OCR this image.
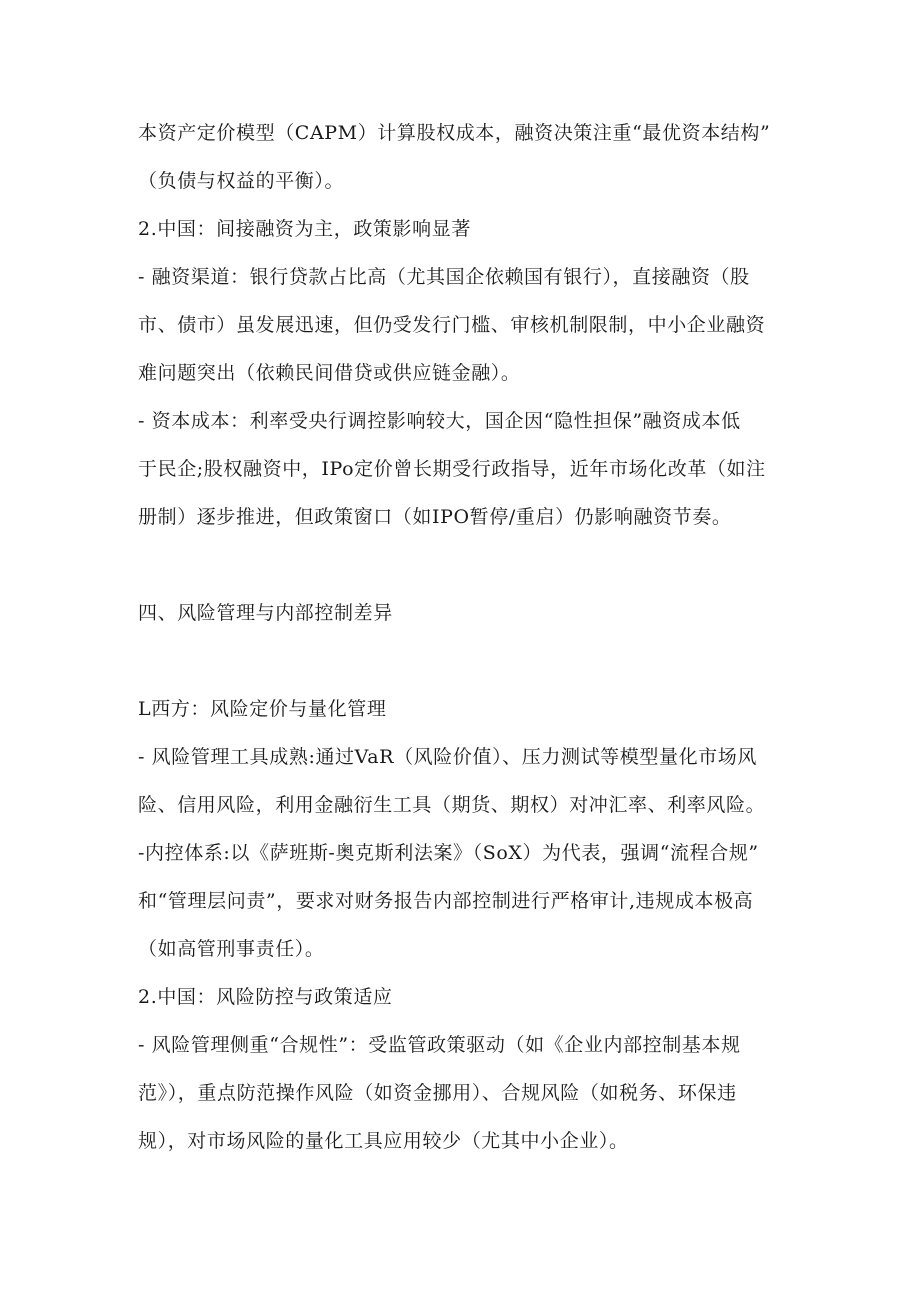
本资产定价模型（CAPM）计算股权成本，融资决策注重“最优资本结构”
（负债与权益的平衡）。
2.中国：间接融资为主，政策影响显著
- 融资渠道：银行贷款占比高（尤其国企依赖国有银行），直接融资（股
市、债市）虽发展迅速，但仍受发行门槛、审核机制限制，中小企业融资
难问题突出（依赖民间借贷或供应链金融）。
- 资本成本：利率受央行调控影响较大，国企因“隐性担保”融资成本低
于民企;股权融资中，IPo定价曾长期受行政指导，近年市场化改革（如注
册制）逐步推进，但政策窗口（如IPO暂停/重启）仍影响融资节奏。
四、风险管理与内部控制差异
L西方：风险定价与量化管理
- 风险管理工具成熟:通过VaR（风险价值）、压力测试等模型量化市场风
险、信用风险，利用金融衍生工具（期货、期权）对冲汇率、利率风险。
-内控体系:以《萨班斯-奥克斯利法案》（SoX）为代表，强调“流程合规”
和“管理层问责”，要求对财务报告内部控制进行严格审计,违规成本极高
（如高管刑事责任）。
2.中国：风险防控与政策适应
- 风险管理侧重“合规性”：受监管政策驱动（如《企业内部控制基本规
范》），重点防范操作风险（如资金挪用）、合规风险（如税务、环保违
规），对市场风险的量化工具应用较少（尤其中小企业）。
